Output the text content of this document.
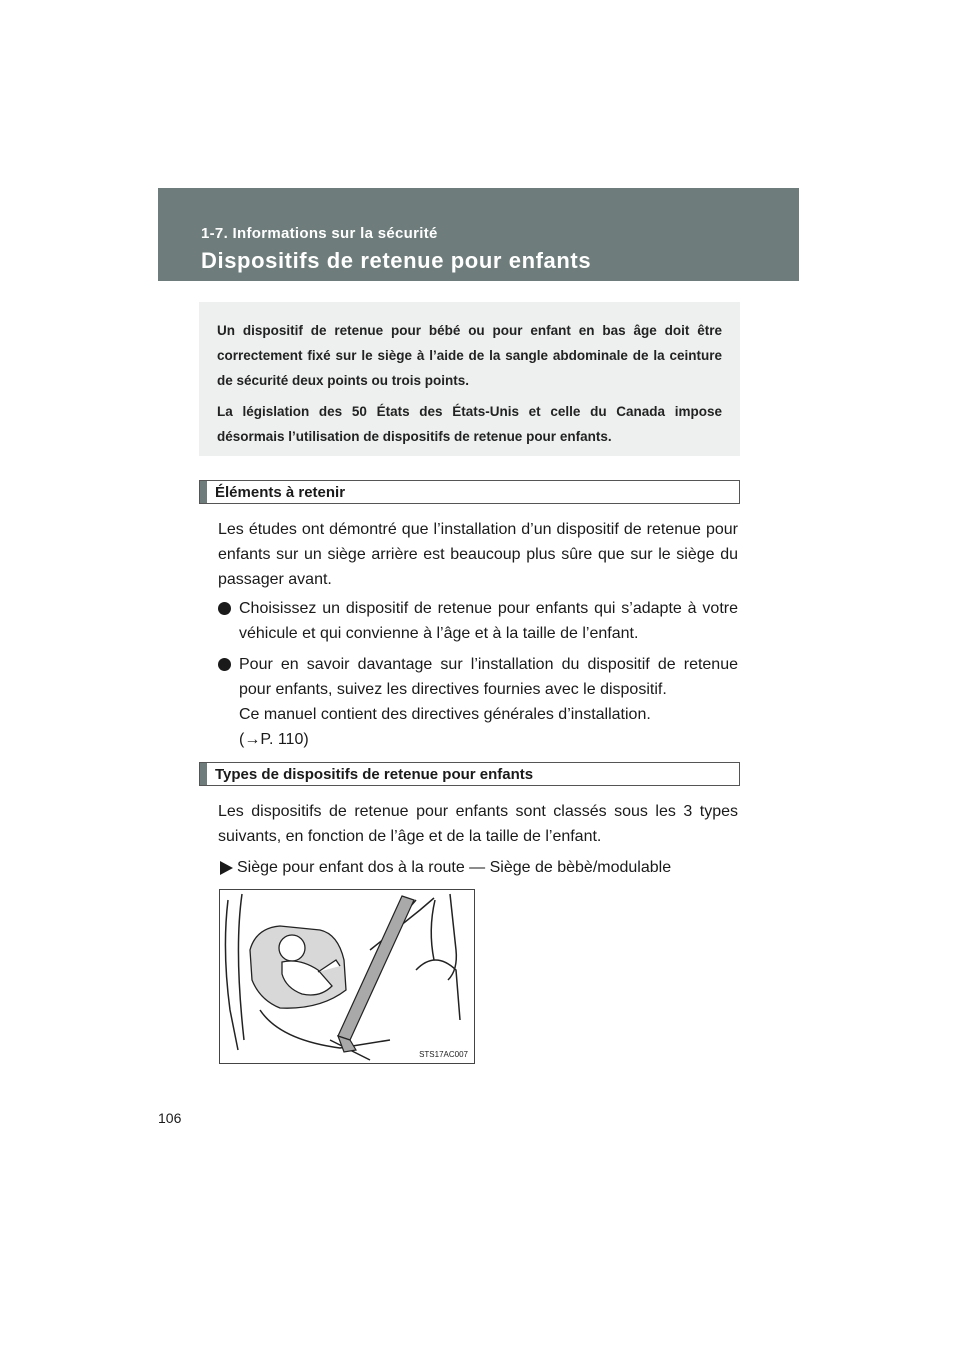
1-7. Informations sur la sécurité
Dispositifs de retenue pour enfants

Un dispositif de retenue pour bébé ou pour enfant en bas âge doit être correctement fixé sur le siège à l’aide de la sangle abdominale de la ceinture de sécurité deux points ou trois points.

La législation des 50 États des États-Unis et celle du Canada impose désormais l’utilisation de dispositifs de retenue pour enfants.

Éléments à retenir

Les études ont démontré que l’installation d’un dispositif de retenue pour enfants sur un siège arrière est beaucoup plus sûre que sur le siège du passager avant.

Choisissez un dispositif de retenue pour enfants qui s’adapte à votre véhicule et qui convienne à l’âge et à la taille de l’enfant.
Pour en savoir davantage sur l’installation du dispositif de retenue pour enfants, suivez les directives fournies avec le dispositif.
Ce manuel contient des directives générales d’installation.
(→P. 110)
Types de dispositifs de retenue pour enfants

Les dispositifs de retenue pour enfants sont classés sous les 3 types suivants, en fonction de l’âge et de la taille de l’enfant.

Siège pour enfant dos à la route — Siège de bèbè/modulable
STS17AC007
106
